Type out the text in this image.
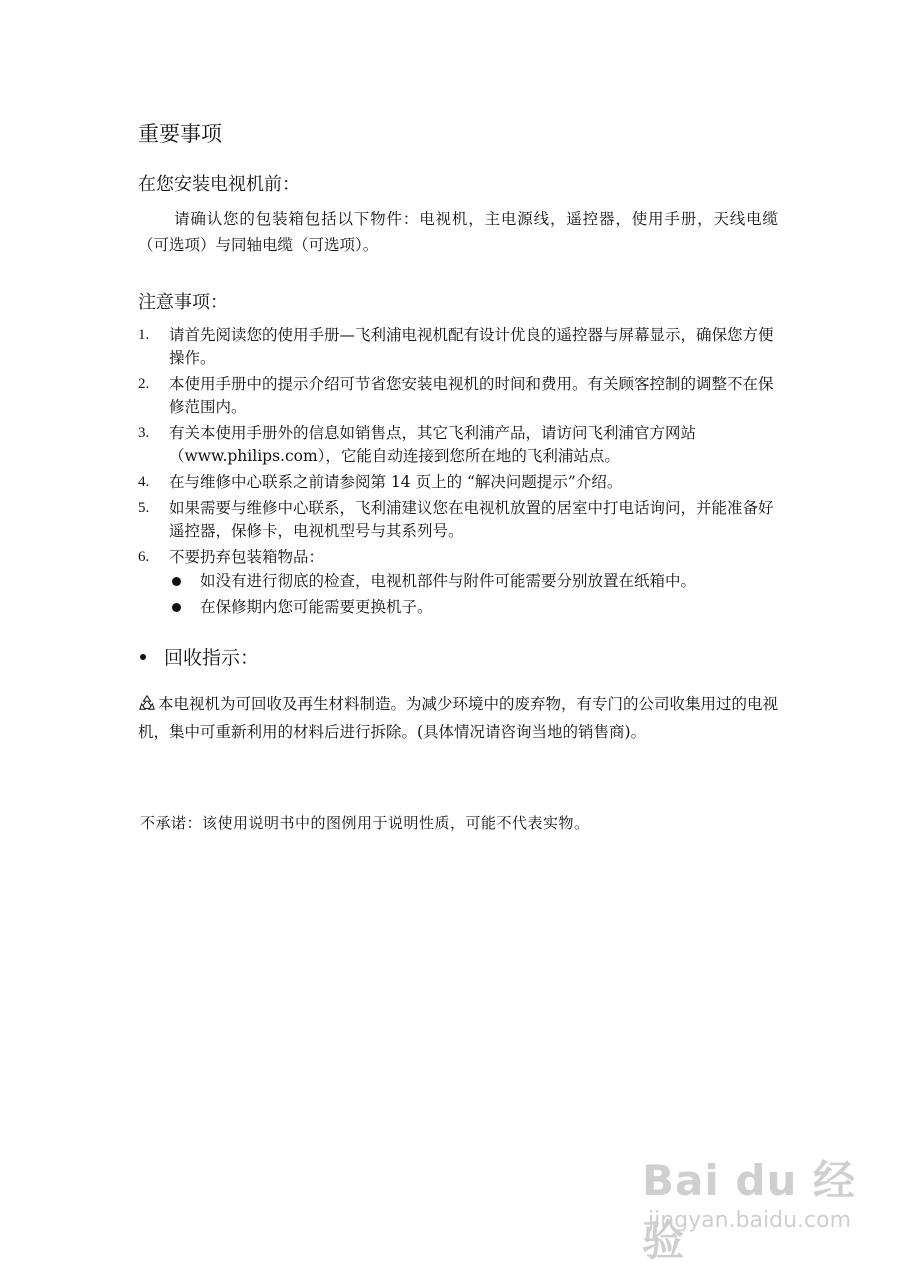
重要事项
在您安装电视机前：
请确认您的包装箱包括以下物件：电视机，主电源线，遥控器，使用手册，天线电缆（可选项）与同轴电缆（可选项）。
注意事项：
1. 请首先阅读您的使用手册—飞利浦电视机配有设计优良的遥控器与屏幕显示，确保您方便操作。
2. 本使用手册中的提示介绍可节省您安装电视机的时间和费用。有关顾客控制的调整不在保修范围内。
3. 有关本使用手册外的信息如销售点，其它飞利浦产品，请访问飞利浦官方网站（www.philips.com），它能自动连接到您所在地的飞利浦站点。
4. 在与维修中心联系之前请参阅第 14 页上的 “解决问题提示”介绍。
5. 如果需要与维修中心联系，飞利浦建议您在电视机放置的居室中打电话询问，并能准备好遥控器，保修卡，电视机型号与其系列号。
6. 不要扔弃包装箱物品：
如没有进行彻底的检查，电视机部件与附件可能需要分别放置在纸箱中。
在保修期内您可能需要更换机子。
回收指示：
本电视机为可回收及再生材料制造。为减少环境中的废弃物，有专门的公司收集用过的电视机，集中可重新利用的材料后进行拆除。(具体情况请咨询当地的销售商)。
不承诺：该使用说明书中的图例用于说明性质，可能不代表实物。
Bai du 经验
jingyan.baidu.com
